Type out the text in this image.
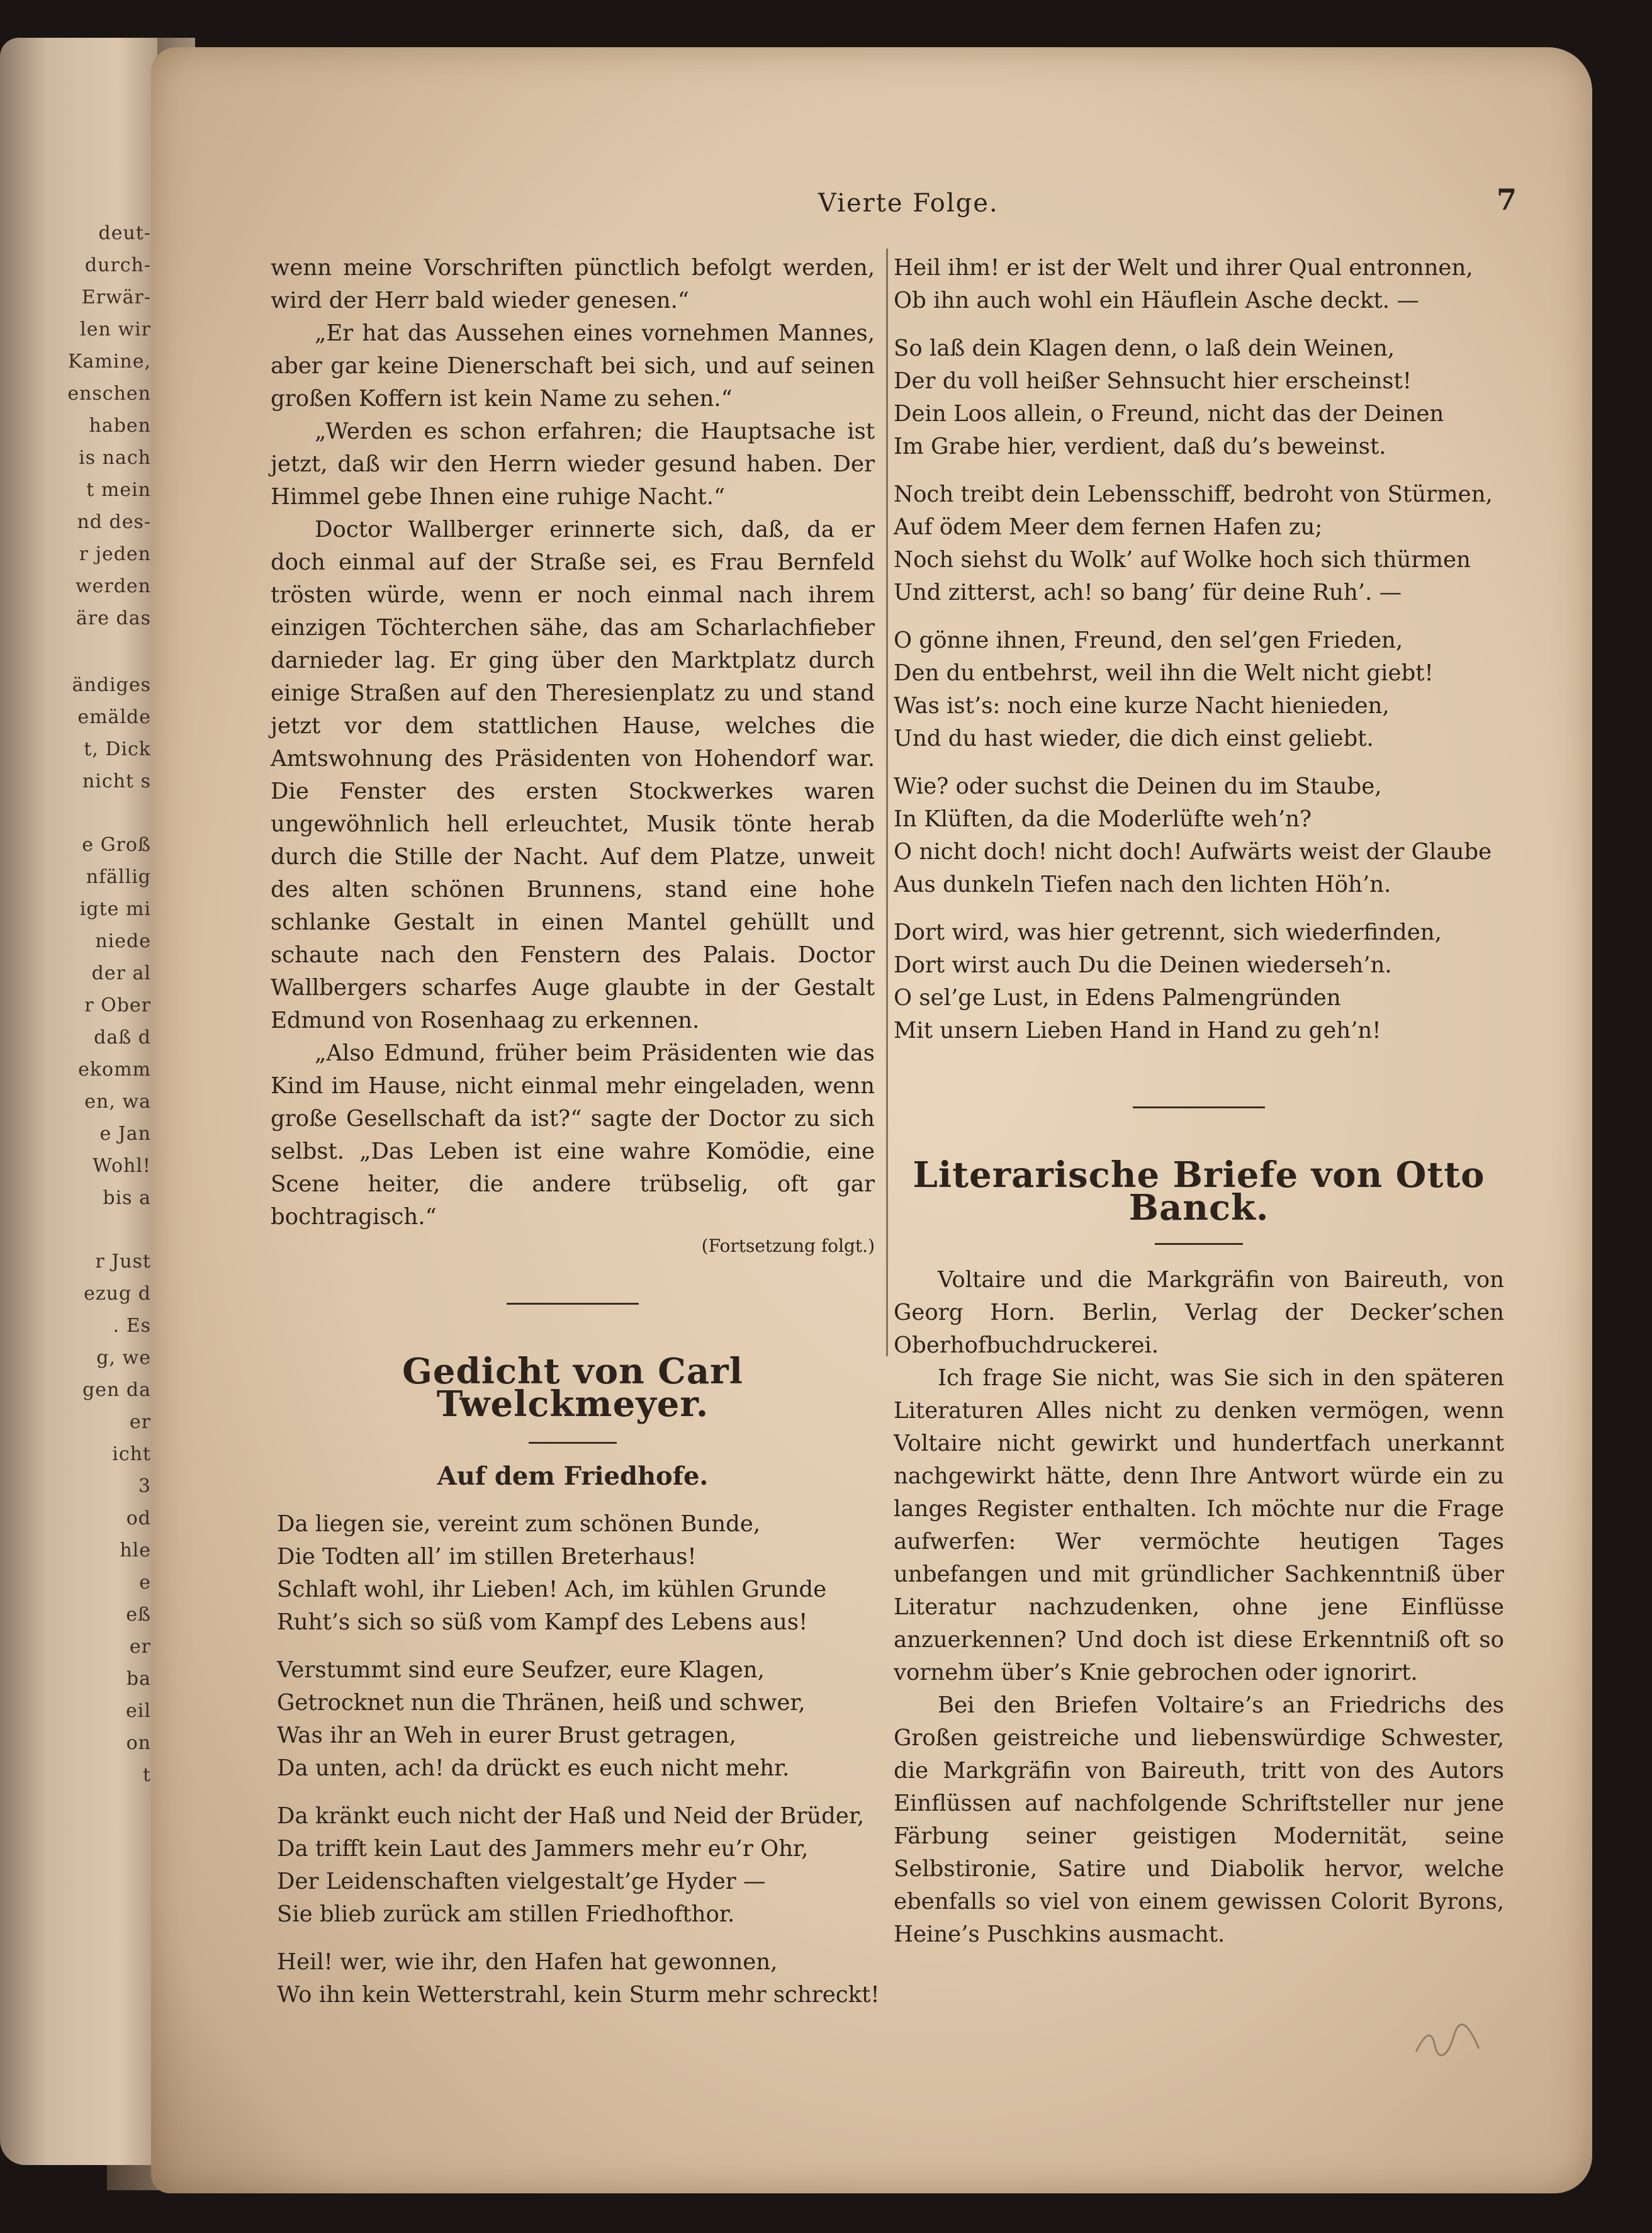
deut-
durch-
Erwär-
len wir
Kamine,
enschen
haben
is nach
t mein
nd des-
r jeden
werden
äre das
ändiges
emälde
t, Dick
nicht s
e Groß
nfällig
igte mi
niede
der al
r Ober
daß d
ekomm
en, wa
e Jan
Wohl!
bis a
r Just
ezug d
. Es
g, we
gen da
er
icht
3
od
hle
e
eß
er
ba
eil
on
t
Vierte Folge.	7

wenn meine Vorschriften pünctlich befolgt werden, wird der Herr bald wieder genesen.“

„Er hat das Aussehen eines vornehmen Mannes, aber gar keine Dienerschaft bei sich, und auf seinen großen Koffern ist kein Name zu sehen.“

„Werden es schon erfahren; die Hauptsache ist jetzt, daß wir den Herrn wieder gesund haben. Der Himmel gebe Ihnen eine ruhige Nacht.“

Doctor Wallberger erinnerte sich, daß, da er doch einmal auf der Straße sei, es Frau Bernfeld trösten würde, wenn er noch einmal nach ihrem einzigen Töchterchen sähe, das am Scharlachfieber darnieder lag. Er ging über den Marktplatz durch einige Straßen auf den Theresienplatz zu und stand jetzt vor dem stattlichen Hause, welches die Amtswohnung des Präsidenten von Hohendorf war. Die Fenster des ersten Stockwerkes waren ungewöhnlich hell erleuchtet, Musik tönte herab durch die Stille der Nacht. Auf dem Platze, unweit des alten schönen Brunnens, stand eine hohe schlanke Gestalt in einen Mantel gehüllt und schaute nach den Fenstern des Palais. Doctor Wallbergers scharfes Auge glaubte in der Gestalt Edmund von Rosenhaag zu erkennen.

„Also Edmund, früher beim Präsidenten wie das Kind im Hause, nicht einmal mehr eingeladen, wenn große Gesellschaft da ist?“ sagte der Doctor zu sich selbst. „Das Leben ist eine wahre Komödie, eine Scene heiter, die andere trübselig, oft gar bochtragisch.“

(Fortsetzung folgt.)
Gedicht von Carl Twelckmeyer.
Auf dem Friedhofe.
Da liegen sie, vereint zum schönen Bunde,
Die Todten all’ im stillen Breterhaus!
Schlaft wohl, ihr Lieben! Ach, im kühlen Grunde
Ruht’s sich so süß vom Kampf des Lebens aus!
Verstummt sind eure Seufzer, eure Klagen,
Getrocknet nun die Thränen, heiß und schwer,
Was ihr an Weh in eurer Brust getragen,
Da unten, ach! da drückt es euch nicht mehr.
Da kränkt euch nicht der Haß und Neid der Brüder,
Da trifft kein Laut des Jammers mehr eu’r Ohr,
Der Leidenschaften vielgestalt’ge Hyder —
Sie blieb zurück am stillen Friedhofthor.
Heil! wer, wie ihr, den Hafen hat gewonnen,
Wo ihn kein Wetterstrahl, kein Sturm mehr schreckt!
Heil ihm! er ist der Welt und ihrer Qual entronnen,
Ob ihn auch wohl ein Häuflein Asche deckt. —
So laß dein Klagen denn, o laß dein Weinen,
Der du voll heißer Sehnsucht hier erscheinst!
Dein Loos allein, o Freund, nicht das der Deinen
Im Grabe hier, verdient, daß du’s beweinst.
Noch treibt dein Lebensschiff, bedroht von Stürmen,
Auf ödem Meer dem fernen Hafen zu;
Noch siehst du Wolk’ auf Wolke hoch sich thürmen
Und zitterst, ach! so bang’ für deine Ruh’. —
O gönne ihnen, Freund, den sel’gen Frieden,
Den du entbehrst, weil ihn die Welt nicht giebt!
Was ist’s: noch eine kurze Nacht hienieden,
Und du hast wieder, die dich einst geliebt.
Wie? oder suchst die Deinen du im Staube,
In Klüften, da die Moderlüfte weh’n?
O nicht doch! nicht doch! Aufwärts weist der Glaube
Aus dunkeln Tiefen nach den lichten Höh’n.
Dort wird, was hier getrennt, sich wiederfinden,
Dort wirst auch Du die Deinen wiederseh’n.
O sel’ge Lust, in Edens Palmengründen
Mit unsern Lieben Hand in Hand zu geh’n!
Literarische Briefe von Otto Banck.

Voltaire und die Markgräfin von Baireuth, von Georg Horn. Berlin, Verlag der Decker’schen Oberhofbuchdruckerei.

Ich frage Sie nicht, was Sie sich in den späteren Literaturen Alles nicht zu denken vermögen, wenn Voltaire nicht gewirkt und hundertfach unerkannt nachgewirkt hätte, denn Ihre Antwort würde ein zu langes Register enthalten. Ich möchte nur die Frage aufwerfen: Wer vermöchte heutigen Tages unbefangen und mit gründlicher Sachkenntniß über Literatur nachzudenken, ohne jene Einflüsse anzuerkennen? Und doch ist diese Erkenntniß oft so vornehm über’s Knie gebrochen oder ignorirt.

Bei den Briefen Voltaire’s an Friedrichs des Großen geistreiche und liebenswürdige Schwester, die Markgräfin von Baireuth, tritt von des Autors Einflüssen auf nachfolgende Schriftsteller nur jene Färbung seiner geistigen Modernität, seine Selbstironie, Satire und Diabolik hervor, welche ebenfalls so viel von einem gewissen Colorit Byrons, Heine’s Puschkins ausmacht.
